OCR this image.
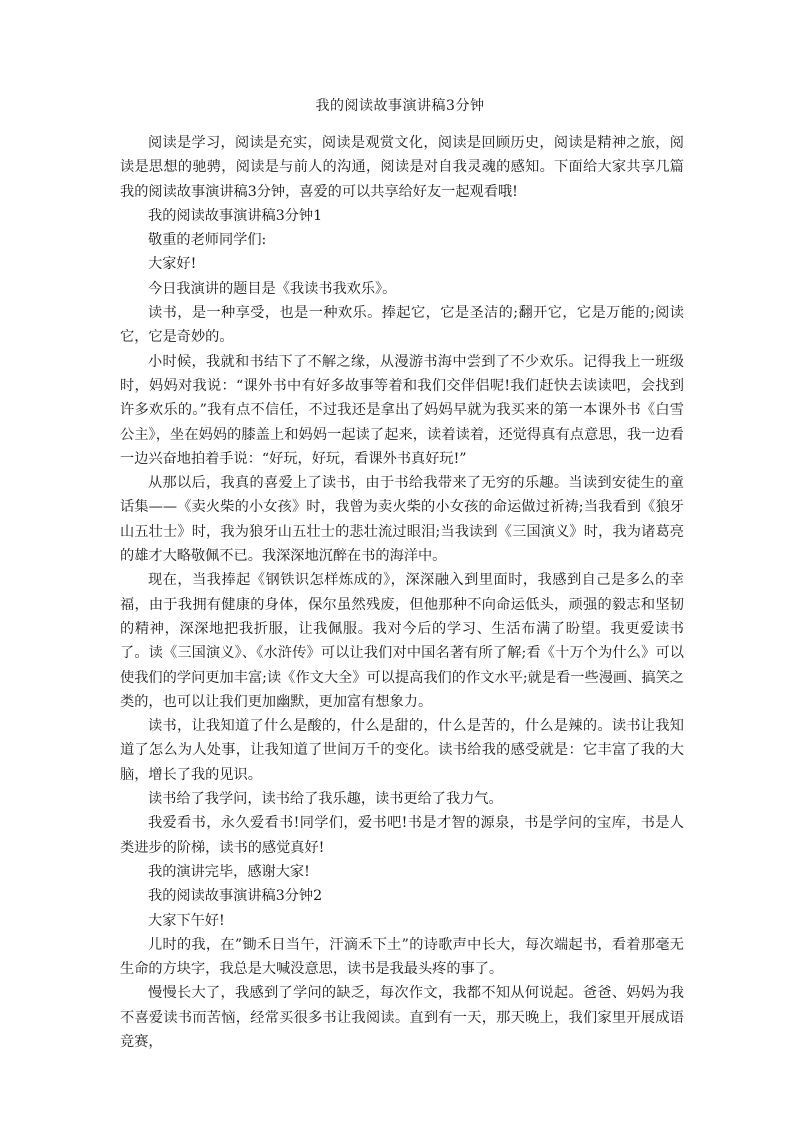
我的阅读故事演讲稿3分钟

阅读是学习，阅读是充实，阅读是观赏文化，阅读是回顾历史，阅读是精神之旅，阅读是思想的驰骋，阅读是与前人的沟通，阅读是对自我灵魂的感知。下面给大家共享几篇我的阅读故事演讲稿3分钟，喜爱的可以共享给好友一起观看哦!

我的阅读故事演讲稿3分钟1

敬重的老师同学们:

大家好!

今日我演讲的题目是《我读书我欢乐》。

读书，是一种享受，也是一种欢乐。捧起它，它是圣洁的;翻开它，它是万能的;阅读它，它是奇妙的。

小时候，我就和书结下了不解之缘，从漫游书海中尝到了不少欢乐。记得我上一班级时，妈妈对我说：“课外书中有好多故事等着和我们交伴侣呢!我们赶快去读读吧，会找到许多欢乐的。”我有点不信任，不过我还是拿出了妈妈早就为我买来的第一本课外书《白雪公主》，坐在妈妈的膝盖上和妈妈一起读了起来，读着读着，还觉得真有点意思，我一边看一边兴奋地拍着手说：“好玩，好玩，看课外书真好玩!”

从那以后，我真的喜爱上了读书，由于书给我带来了无穷的乐趣。当读到安徒生的童话集——《卖火柴的小女孩》时，我曾为卖火柴的小女孩的命运做过祈祷;当我看到《狼牙山五壮士》时，我为狼牙山五壮士的悲壮流过眼泪;当我读到《三国演义》时，我为诸葛亮的雄才大略敬佩不已。我深深地沉醉在书的海洋中。

现在，当我捧起《钢铁识怎样炼成的》，深深融入到里面时，我感到自己是多么的幸福，由于我拥有健康的身体，保尔虽然残废，但他那种不向命运低头，顽强的毅志和坚韧的精神，深深地把我折服，让我佩服。我对今后的学习、生活布满了盼望。我更爱读书了。读《三国演义》、《水浒传》可以让我们对中国名著有所了解;看《十万个为什么》可以使我们的学问更加丰富;读《作文大全》可以提高我们的作文水平;就是看一些漫画、搞笑之类的，也可以让我们更加幽默，更加富有想象力。

读书，让我知道了什么是酸的，什么是甜的，什么是苦的，什么是辣的。读书让我知道了怎么为人处事，让我知道了世间万千的变化。读书给我的感受就是：它丰富了我的大脑，增长了我的见识。

读书给了我学问，读书给了我乐趣，读书更给了我力气。

我爱看书，永久爱看书!同学们，爱书吧!书是才智的源泉，书是学问的宝库，书是人类进步的阶梯，读书的感觉真好!

我的演讲完毕，感谢大家!

我的阅读故事演讲稿3分钟2

大家下午好!

儿时的我，在”锄禾日当午，汗滴禾下土”的诗歌声中长大，每次端起书，看着那毫无生命的方块字，我总是大喊没意思，读书是我最头疼的事了。

慢慢长大了，我感到了学问的缺乏，每次作文，我都不知从何说起。爸爸、妈妈为我不喜爱读书而苦恼，经常买很多书让我阅读。直到有一天，那天晚上，我们家里开展成语竞赛，
